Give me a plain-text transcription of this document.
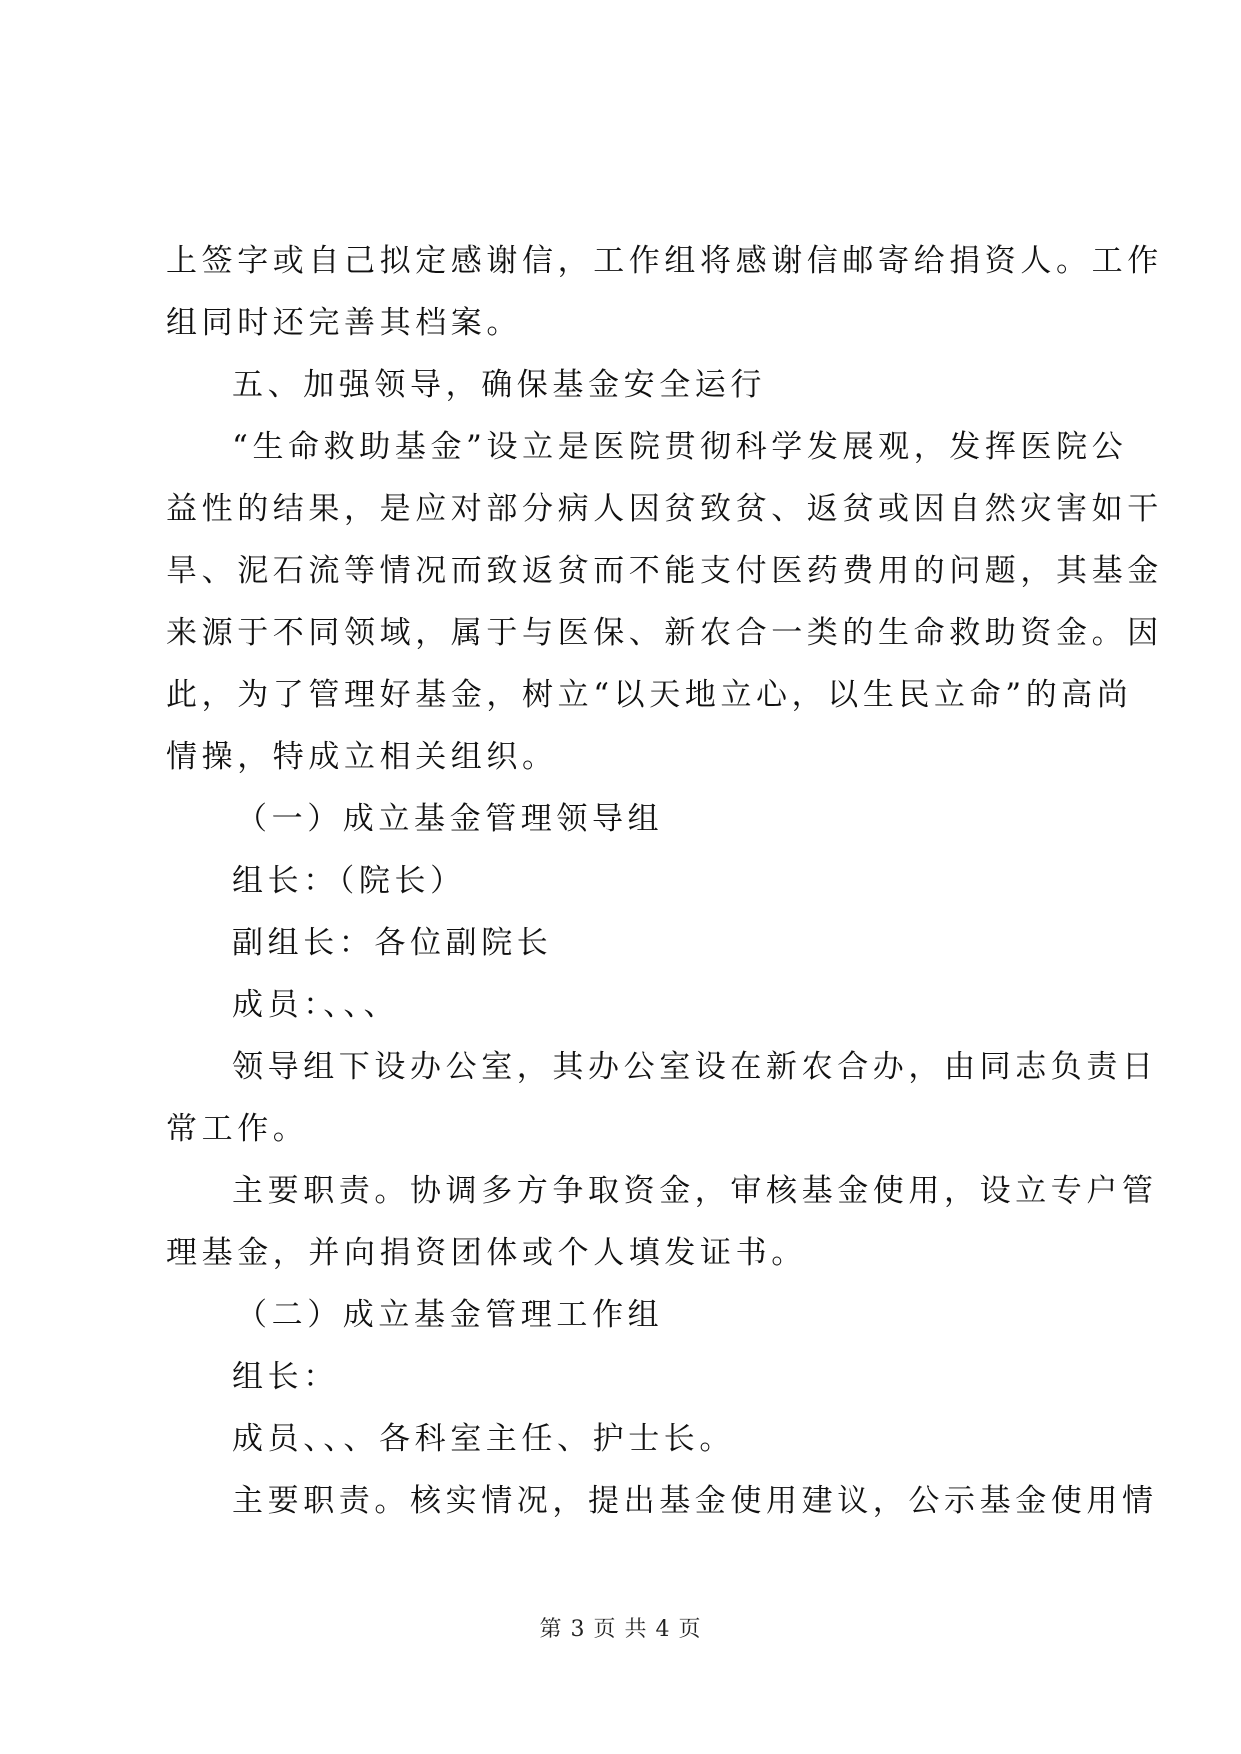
上签字或自己拟定感谢信，工作组将感谢信邮寄给捐资人。工作
组同时还完善其档案。

五、加强领导，确保基金安全运行

“生命救助基金”设立是医院贯彻科学发展观，发挥医院公
益性的结果，是应对部分病人因贫致贫、返贫或因自然灾害如干
旱、泥石流等情况而致返贫而不能支付医药费用的问题，其基金
来源于不同领域，属于与医保、新农合一类的生命救助资金。因
此，为了管理好基金，树立“以天地立心，以生民立命”的高尚
情操，特成立相关组织。

（一）成立基金管理领导组

组长：（院长）

副组长：各位副院长

成员：、、、

领导组下设办公室，其办公室设在新农合办，由同志负责日
常工作。

主要职责。协调多方争取资金，审核基金使用，设立专户管
理基金，并向捐资团体或个人填发证书。

（二）成立基金管理工作组

组长：

成员、、、各科室主任、护士长。

主要职责。核实情况，提出基金使用建议，公示基金使用情

第 3 页 共 4 页
